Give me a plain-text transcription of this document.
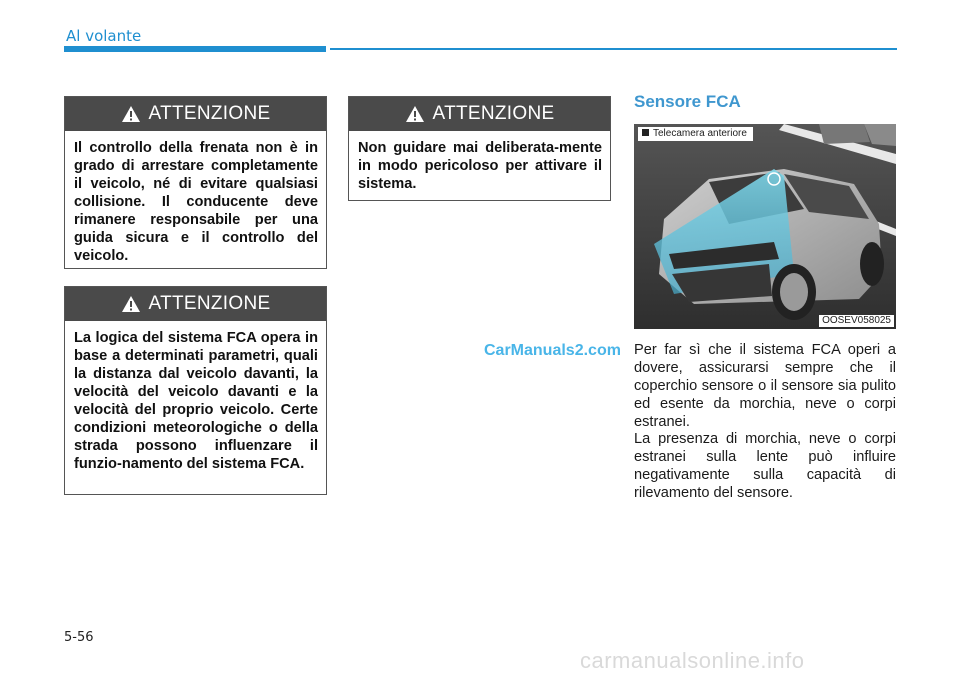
Al volante
ATTENZIONE
Il controllo della frenata non è in grado di arrestare completamente il veicolo, né di evitare qualsiasi collisione. Il conducente deve rimanere responsabile per una guida sicura e il controllo del veicolo.
ATTENZIONE
La logica del sistema FCA opera in base a determinati parametri, quali la distanza dal veicolo davanti, la velocità del veicolo davanti e la velocità del proprio veicolo. Certe condizioni meteorologiche o della strada possono influenzare il funzio-namento del sistema FCA.
ATTENZIONE
Non guidare mai deliberata-mente in modo pericoloso per attivare il sistema.
Sensore FCA
Telecamera anteriore
OOSEV058025
CarManuals2.com Per far sì che il sistema FCA operi a dovere, assicurarsi sempre che il coperchio sensore o il sensore sia pulito ed esente da morchia, neve o corpi estranei.
La presenza di morchia, neve o corpi estranei sulla lente può influire negativamente sulla capacità di rilevamento del sensore.
5-56
carmanualsonline.info
